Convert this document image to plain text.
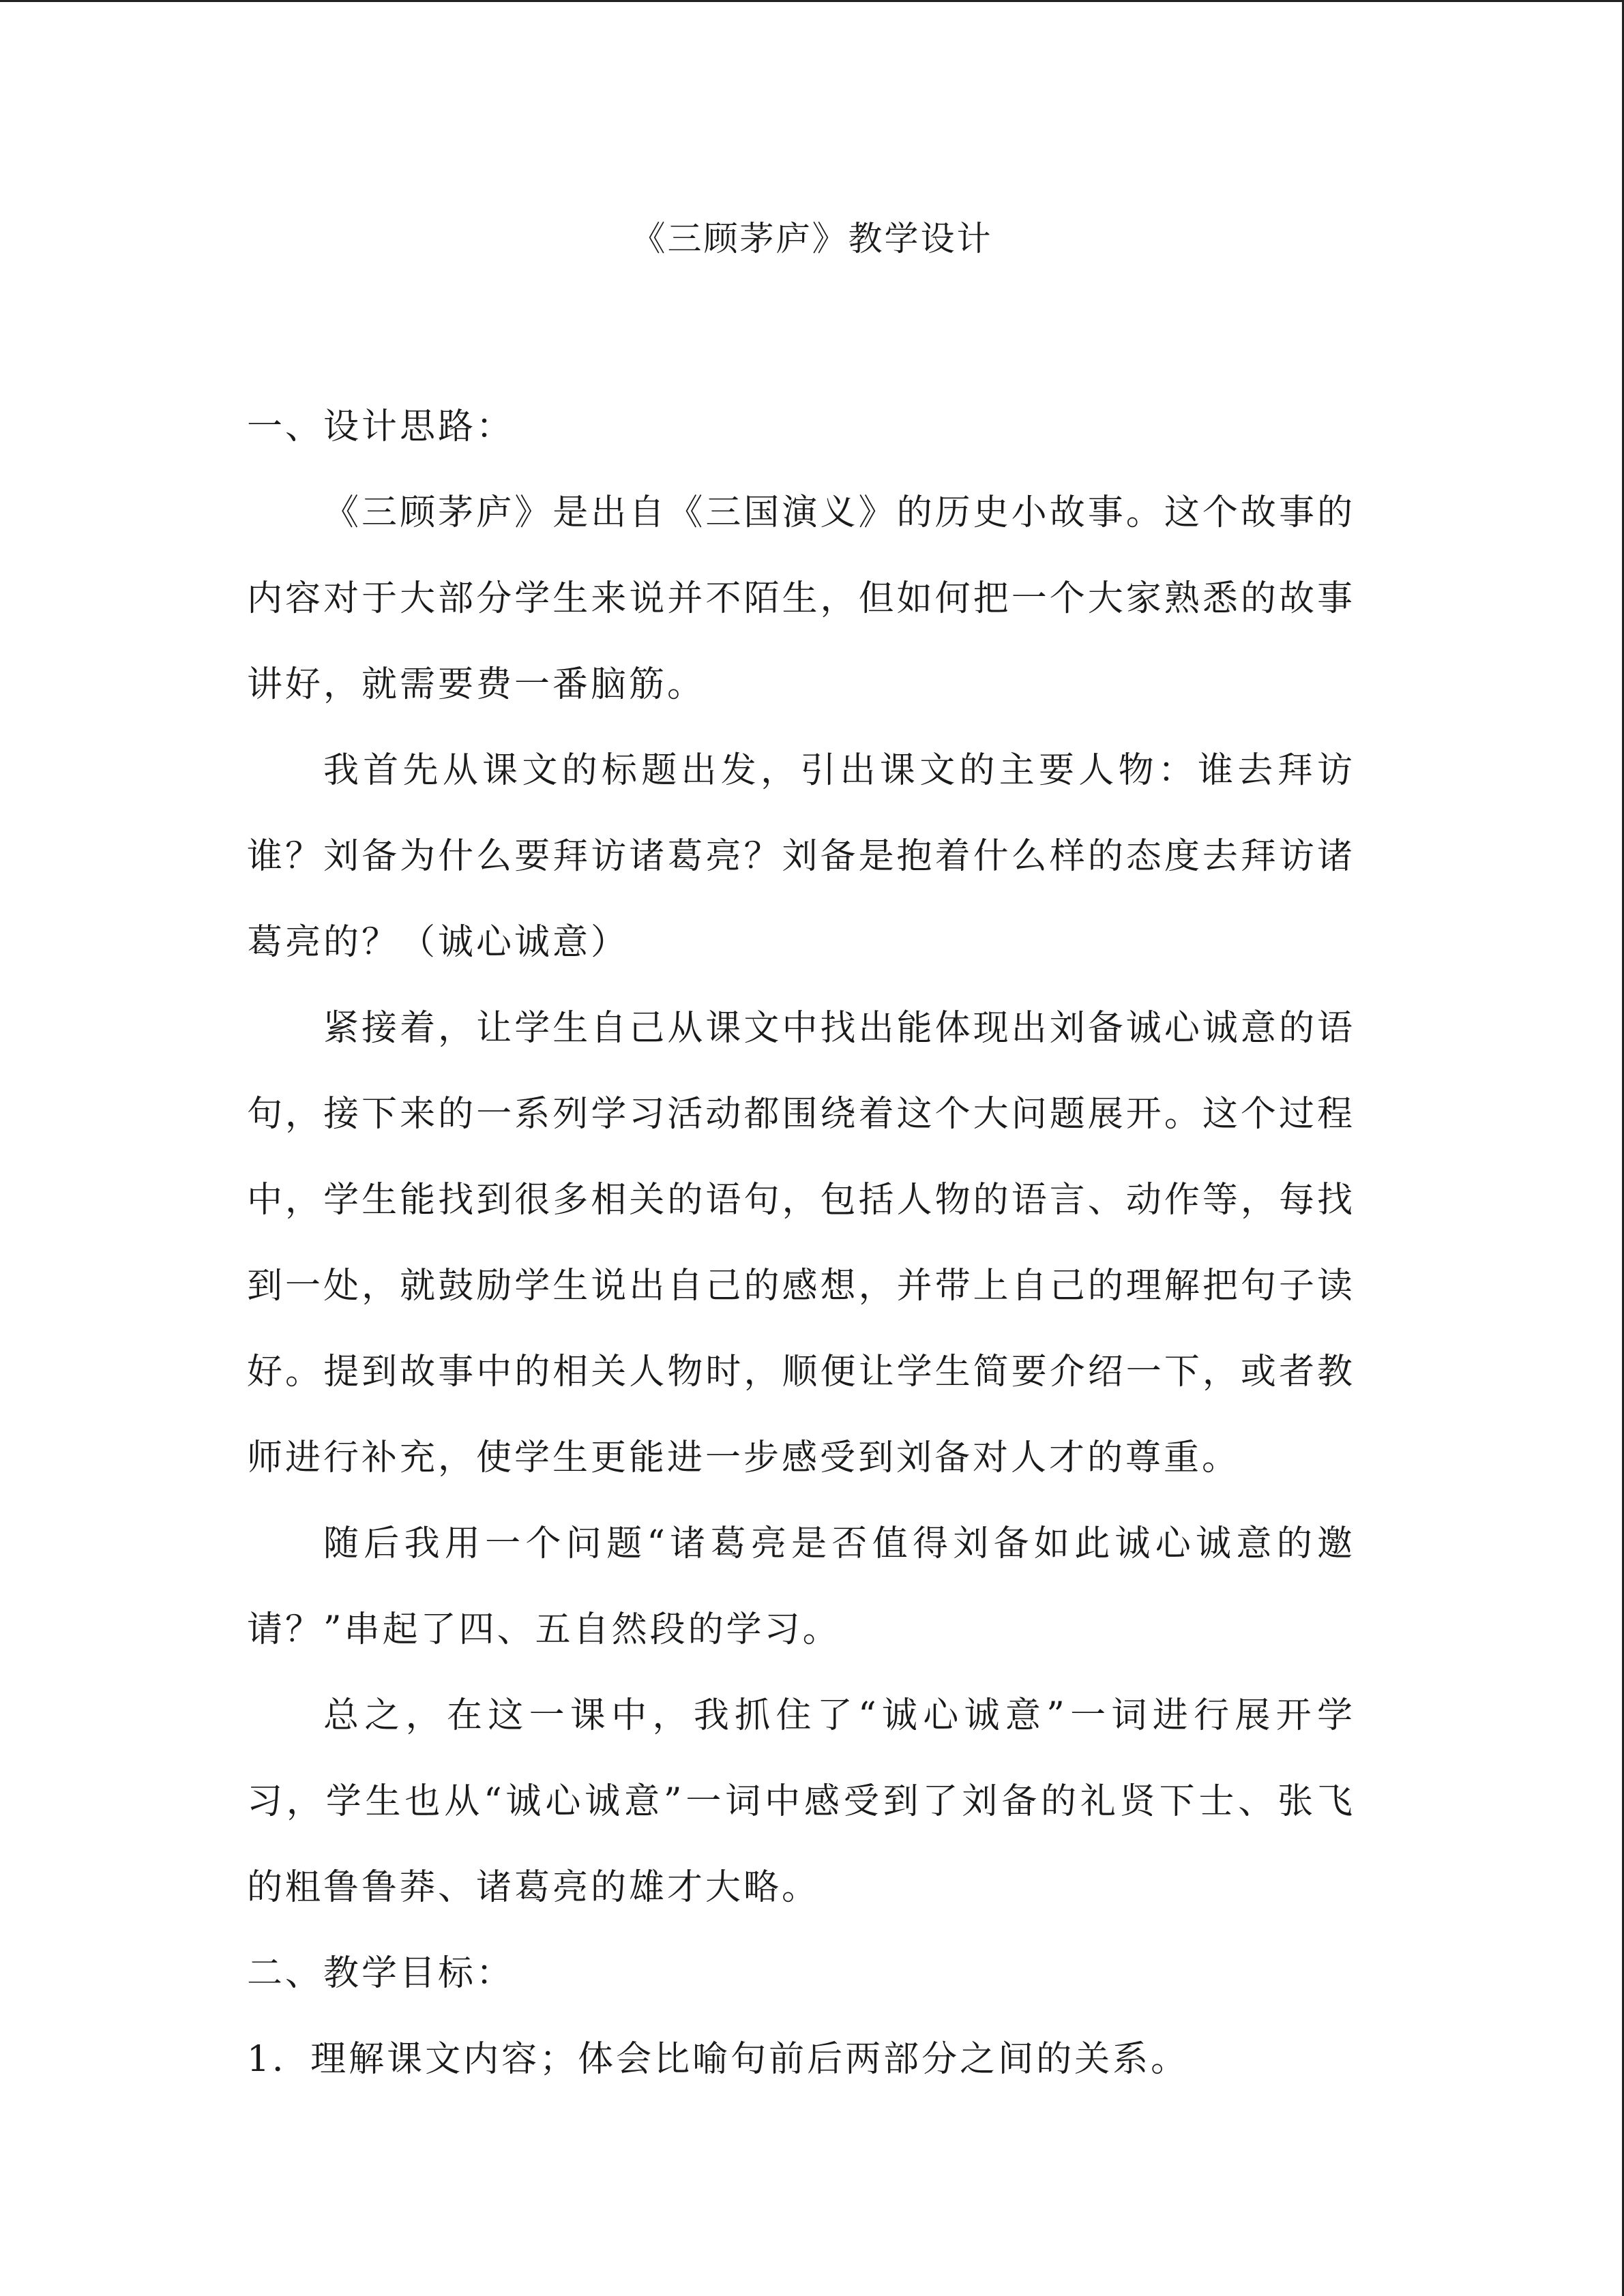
《三顾茅庐》教学设计

一、设计思路：

《三顾茅庐》是出自《三国演义》的历史小故事。这个故事的内容对于大部分学生来说并不陌生，但如何把一个大家熟悉的故事讲好，就需要费一番脑筋。

我首先从课文的标题出发，引出课文的主要人物：谁去拜访谁？刘备为什么要拜访诸葛亮？刘备是抱着什么样的态度去拜访诸葛亮的？（诚心诚意）

紧接着，让学生自己从课文中找出能体现出刘备诚心诚意的语句，接下来的一系列学习活动都围绕着这个大问题展开。这个过程中，学生能找到很多相关的语句，包括人物的语言、动作等，每找到一处，就鼓励学生说出自己的感想，并带上自己的理解把句子读好。提到故事中的相关人物时，顺便让学生简要介绍一下，或者教师进行补充，使学生更能进一步感受到刘备对人才的尊重。

随后我用一个问题“诸葛亮是否值得刘备如此诚心诚意的邀请？”串起了四、五自然段的学习。

总之，在这一课中，我抓住了“诚心诚意”一词进行展开学习，学生也从“诚心诚意”一词中感受到了刘备的礼贤下士、张飞的粗鲁鲁莽、诸葛亮的雄才大略。

二、教学目标：

1．理解课文内容；体会比喻句前后两部分之间的关系。
